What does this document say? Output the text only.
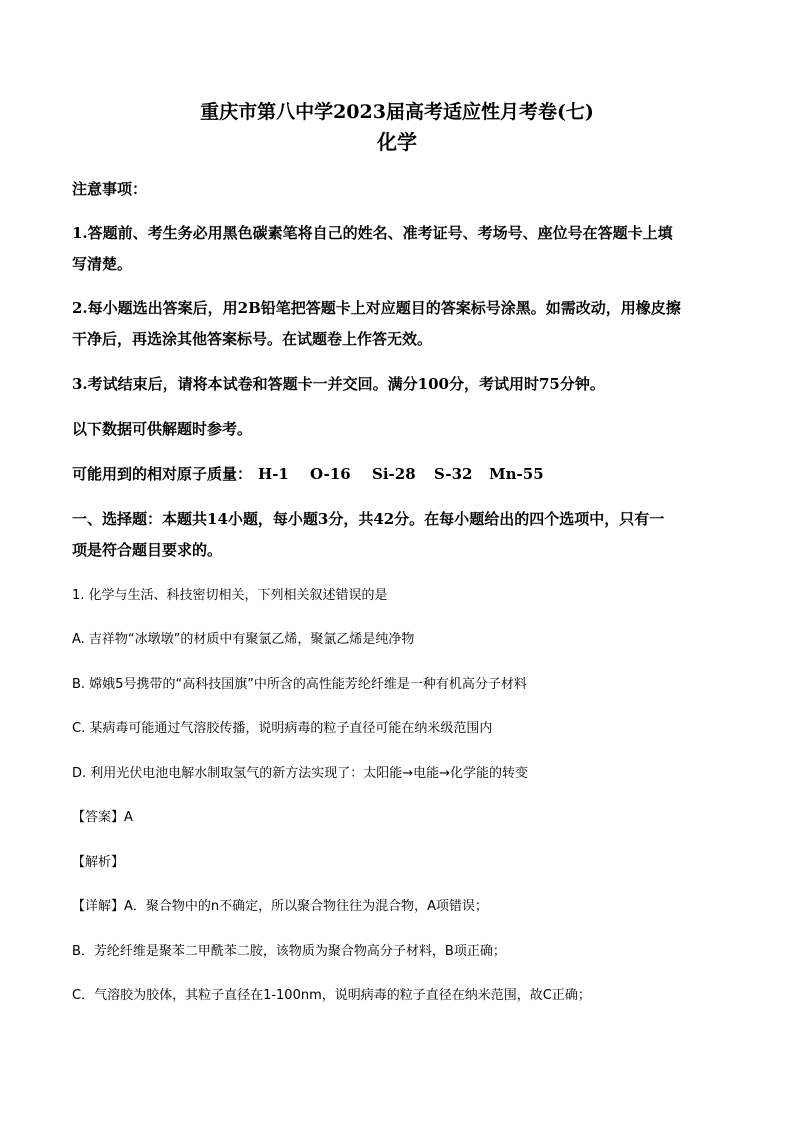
重庆市第八中学2023届高考适应性月考卷(七)
化学
注意事项：
1.答题前、考生务必用黑色碳素笔将自己的姓名、准考证号、考场号、座位号在答题卡上填
写清楚。
2.每小题选出答案后，用2B铅笔把答题卡上对应题目的答案标号涂黑。如需改动，用橡皮擦
干净后，再选涂其他答案标号。在试题卷上作答无效。
3.考试结束后，请将本试卷和答题卡一并交回。满分100分，考试用时75分钟。
以下数据可供解题时参考。
可能用到的相对原子质量： H-1 O-16 Si-28 S-32 Mn-55
一、选择题：本题共14小题，每小题3分，共42分。在每小题给出的四个选项中，只有一
项是符合题目要求的。
1. 化学与生活、科技密切相关，下列相关叙述错误的是
A. 吉祥物“冰墩墩”的材质中有聚氯乙烯，聚氯乙烯是纯净物
B. 嫦娥5号携带的“高科技国旗”中所含的高性能芳纶纤维是一种有机高分子材料
C. 某病毒可能通过气溶胶传播，说明病毒的粒子直径可能在纳米级范围内
D. 利用光伏电池电解水制取氢气的新方法实现了：太阳能→电能→化学能的转变
【答案】A
【解析】
【详解】A．聚合物中的n不确定，所以聚合物往往为混合物，A项错误；
B．芳纶纤维是聚苯二甲酰苯二胺，该物质为聚合物高分子材料，B项正确；
C．气溶胶为胶体，其粒子直径在1-100nm，说明病毒的粒子直径在纳米范围，故C正确；
